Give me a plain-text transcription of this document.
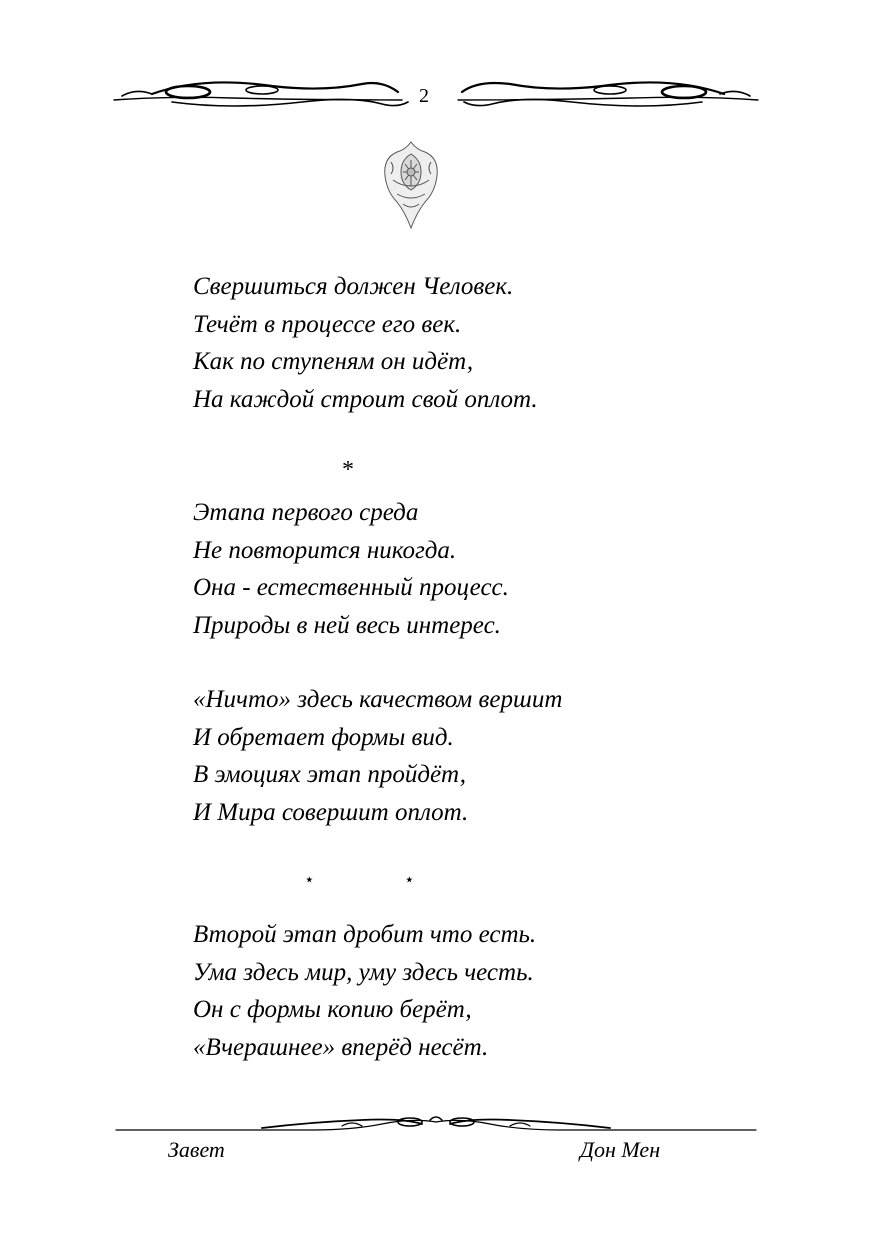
2
Свершиться должен Человек.
Течёт в процессе его век.
Как по ступеням он идёт,
На каждой строит свой оплот.
*
Этапа первого среда
Не повторится никогда.
Она - естественный процесс.
Природы в ней весь интерес.
«Ничто» здесь качеством вершит
И обретает формы вид.
В эмоциях этап пройдёт,
И Мира совершит оплот.
⋆	⋆
Второй этап дробит что есть.
Ума здесь мир, уму здесь честь.
Он с формы копию берёт,
«Вчерашнее» вперёд несёт.
Завет	Дон Мен
